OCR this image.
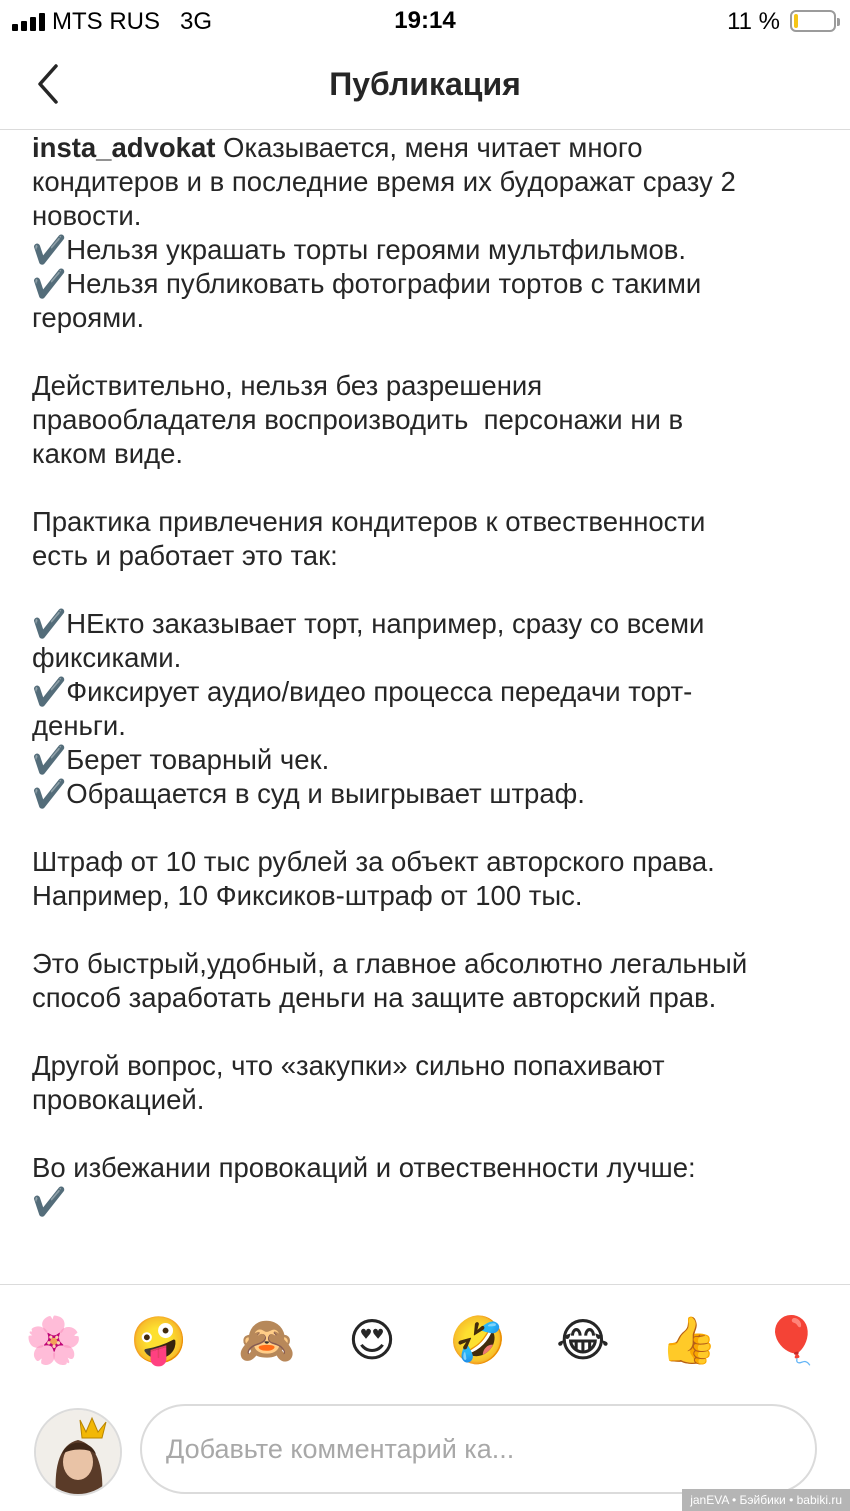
MTS RUS 3G	19:14	11 %
Публикация

insta_advokat Оказывается, меня читает много
кондитеров и в последние время их будоражат сразу 2
новости.
✔️Нельзя украшать торты героями мультфильмов.
✔️Нельзя публиковать фотографии тортов с такими
героями.

Действительно, нельзя без разрешения
правообладателя воспроизводить  персонажи ни в
каком виде.

Практика привлечения кондитеров к отвественности
есть и работает это так:

✔️НЕкто заказывает торт, например, сразу со всеми
фиксиками.
✔️Фиксирует аудио/видео процесса передачи торт-
деньги.
✔️Берет товарный чек.
✔️Обращается в суд и выигрывает штраф.

Штраф от 10 тыс рублей за объект авторского права.
Например, 10 Фиксиков-штраф от 100 тыс.

Это быстрый,удобный, а главное абсолютно легальный
способ заработать деньги на защите авторский прав.

Другой вопрос, что «закупки» сильно попахивают
провокацией.

Во избежании провокаций и отвественности лучше:
✔️

🌸 🤪 🙈 😍 🤣 😂 👍 🎈
Добавьте комментарий ка...
janEVA • Бэйбики • babiki.ru
